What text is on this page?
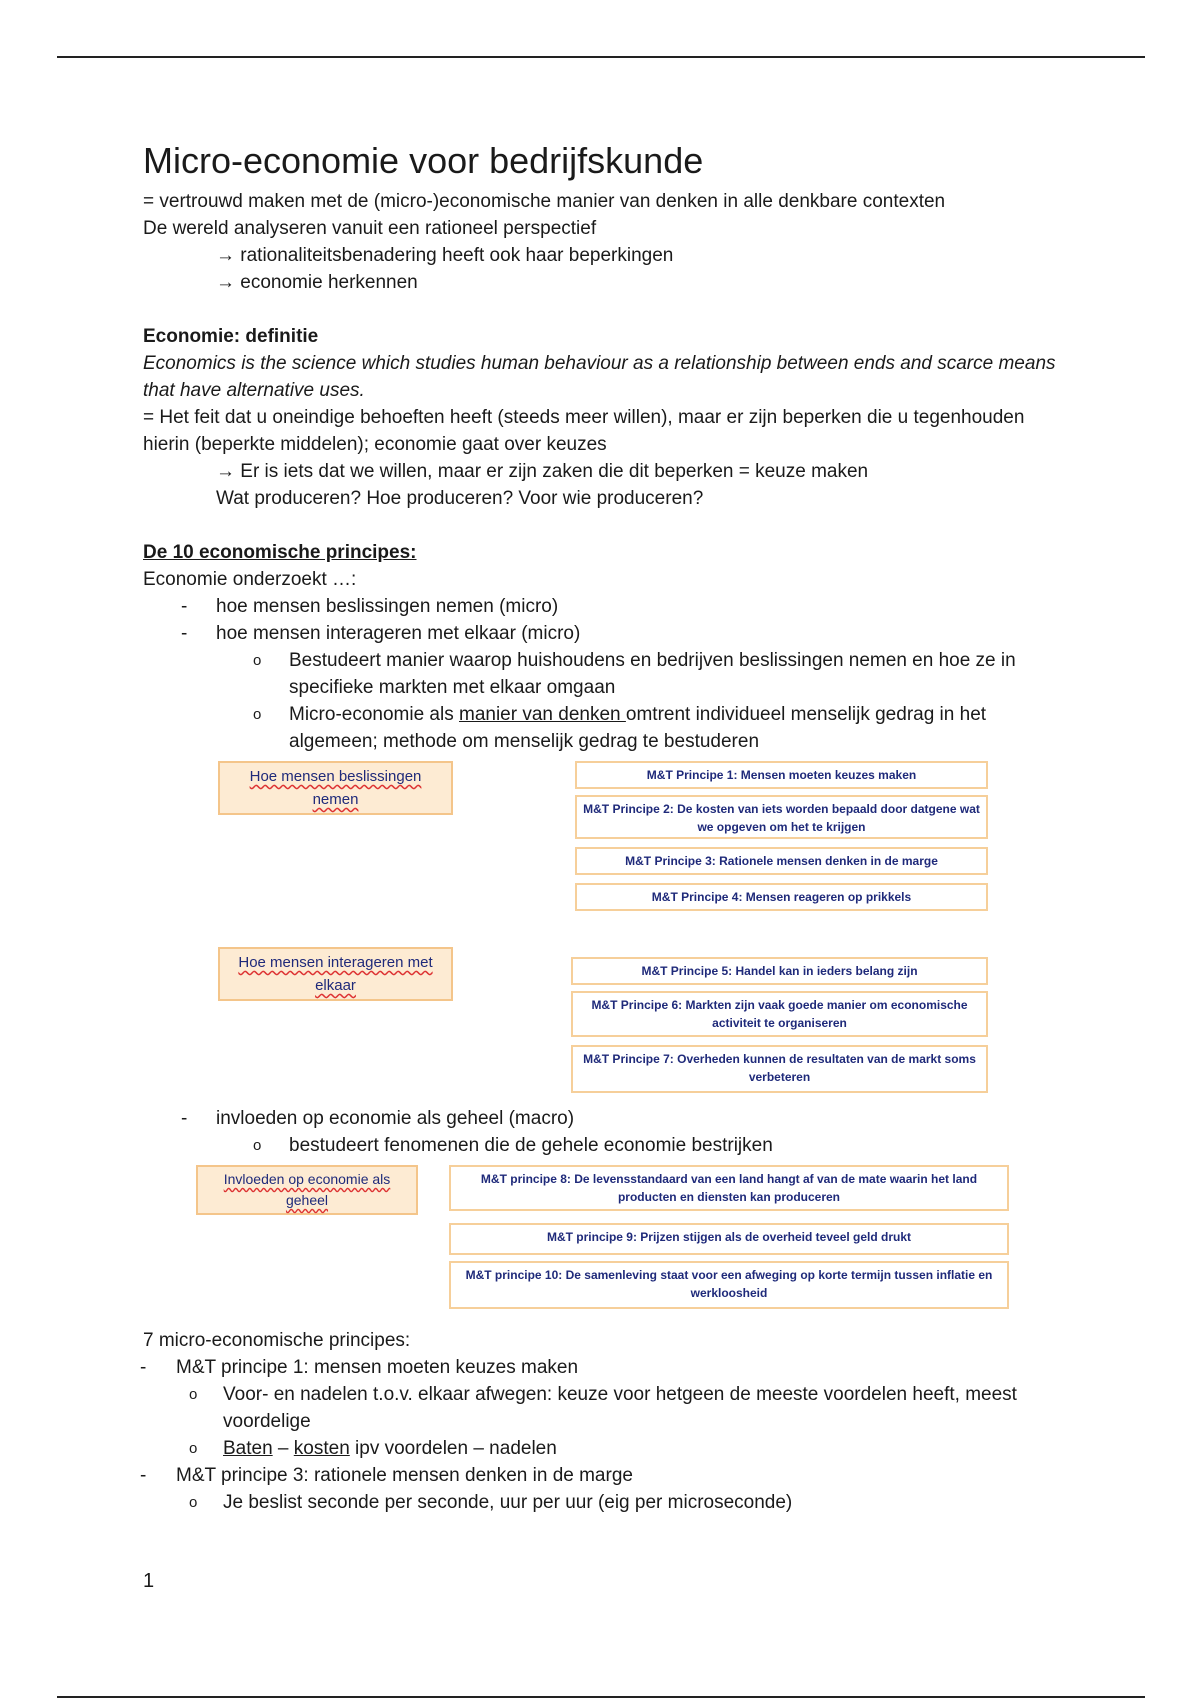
Micro-economie voor bedrijfskunde

= vertrouwd maken met de (micro-)economische manier van denken in alle denkbare contexten

De wereld analyseren vanuit een rationeel perspectief

→ rationaliteitsbenadering heeft ook haar beperkingen

→ economie herkennen

Economie: definitie

Economics is the science which studies human behaviour as a relationship between ends and scarce means that have alternative uses.

= Het feit dat u oneindige behoeften heeft (steeds meer willen), maar er zijn beperken die u tegenhouden hierin (beperkte middelen); economie gaat over keuzes

→ Er is iets dat we willen, maar er zijn zaken die dit beperken = keuze maken

Wat produceren? Hoe produceren? Voor wie produceren?

De 10 economische principes:

Economie onderzoekt …:

- hoe mensen beslissingen nemen (micro)
- hoe mensen interageren met elkaar (micro)
o Bestudeert manier waarop huishoudens en bedrijven beslissingen nemen en hoe ze in specifieke markten met elkaar omgaan
o Micro-economie als manier van denken omtrent individueel menselijk gedrag in het algemeen; methode om menselijk gedrag te bestuderen
Hoe mensen beslissingen nemen
M&T Principe 1: Mensen moeten keuzes maken
M&T Principe 2: De kosten van iets worden bepaald door datgene wat we opgeven om het te krijgen
M&T Principe 3: Rationele mensen denken in de marge
M&T Principe 4: Mensen reageren op prikkels
Hoe mensen interageren met elkaar
M&T Principe 5: Handel kan in ieders belang zijn
M&T Principe 6: Markten zijn vaak goede manier om economische activiteit te organiseren
M&T Principe 7: Overheden kunnen de resultaten van de markt soms verbeteren
- invloeden op economie als geheel (macro)
o bestudeert fenomenen die de gehele economie bestrijken
Invloeden op economie als geheel
M&T principe 8: De levensstandaard van een land hangt af van de mate waarin het land producten en diensten kan produceren
M&T principe 9: Prijzen stijgen als de overheid teveel geld drukt
M&T principe 10: De samenleving staat voor een afweging op korte termijn tussen inflatie en werkloosheid

7 micro-economische principes:

- M&T principe 1: mensen moeten keuzes maken
o Voor- en nadelen t.o.v. elkaar afwegen: keuze voor hetgeen de meeste voordelen heeft, meest voordelige
o Baten – kosten ipv voordelen – nadelen
- M&T principe 3: rationele mensen denken in de marge
o Je beslist seconde per seconde, uur per uur (eig per microseconde)
1
